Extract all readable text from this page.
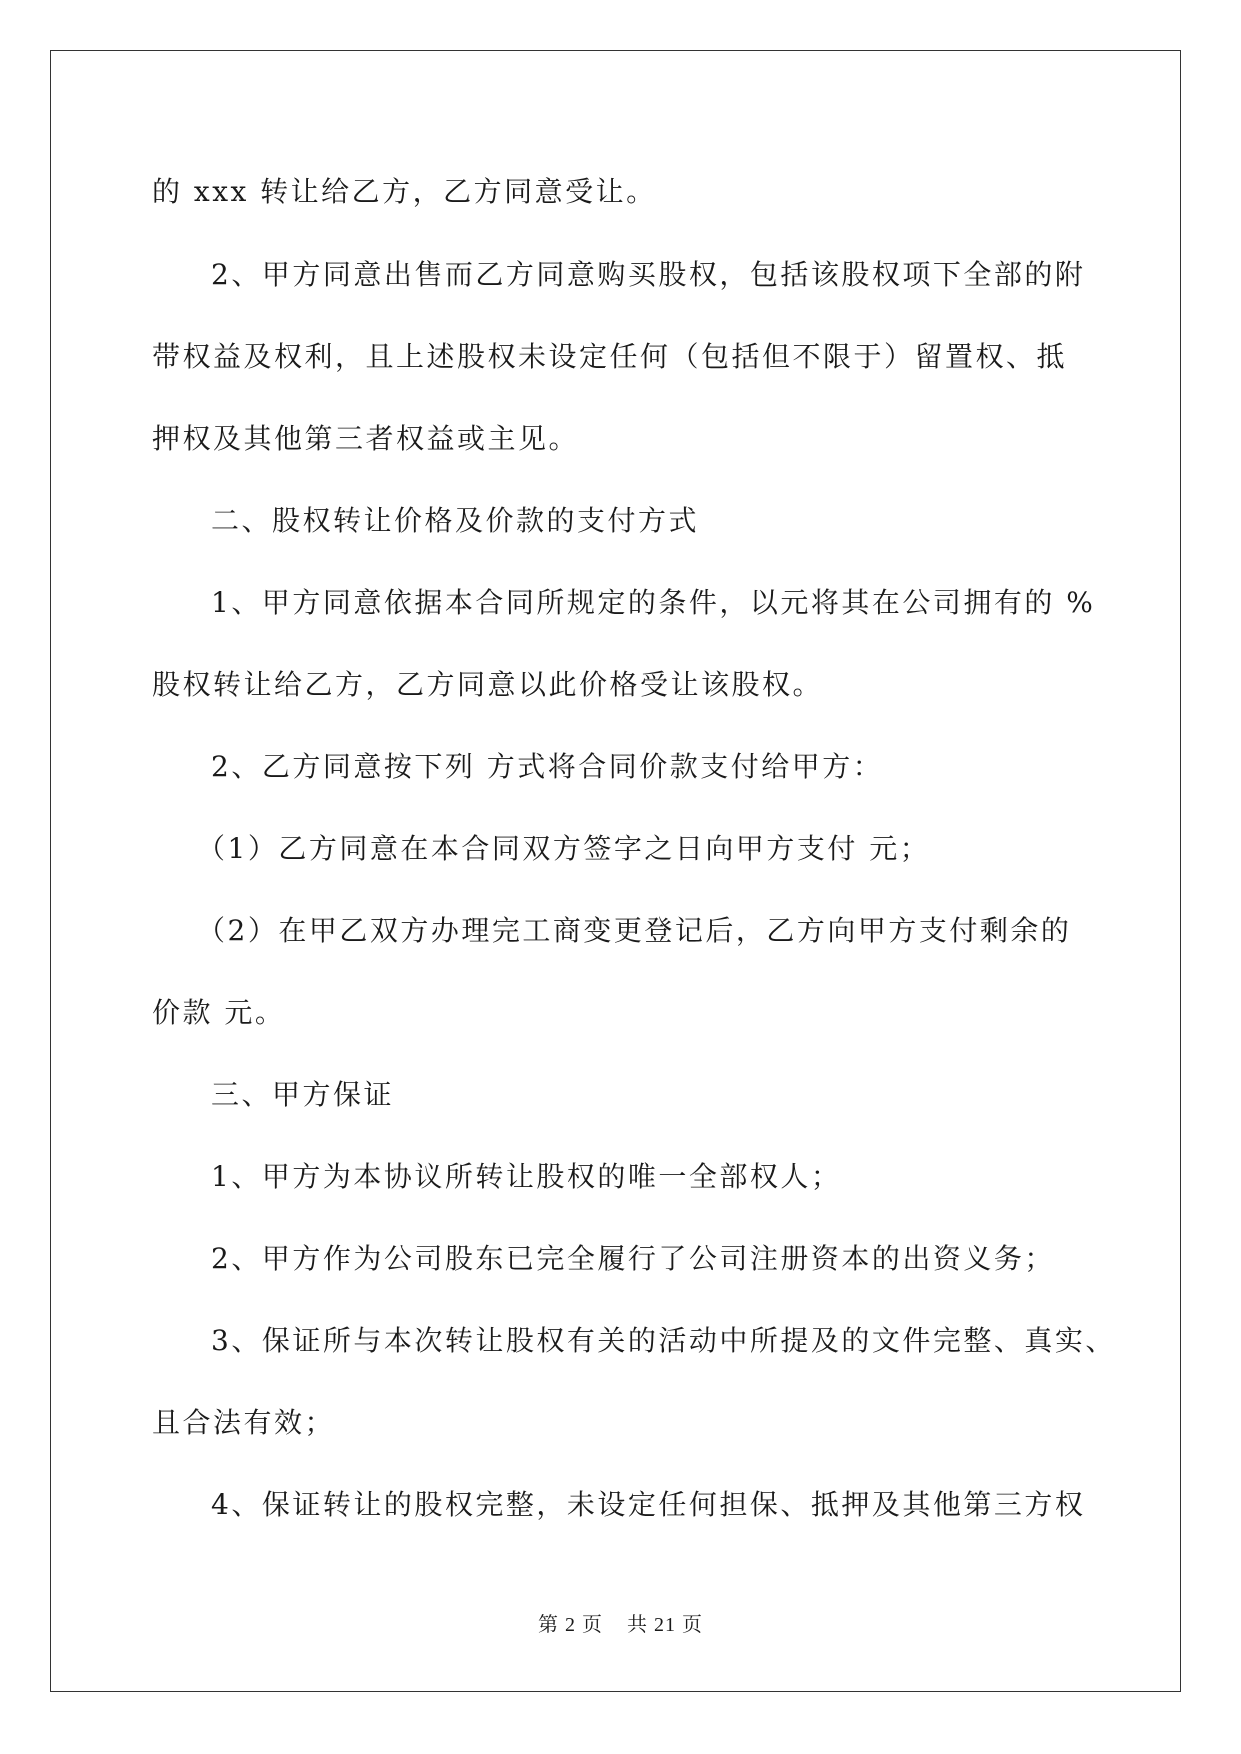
的 xxx 转让给乙方，乙方同意受让。
2、甲方同意出售而乙方同意购买股权，包括该股权项下全部的附
带权益及权利，且上述股权未设定任何（包括但不限于）留置权、抵
押权及其他第三者权益或主见。
二、股权转让价格及价款的支付方式
1、甲方同意依据本合同所规定的条件，以元将其在公司拥有的 %
股权转让给乙方，乙方同意以此价格受让该股权。
2、乙方同意按下列 方式将合同价款支付给甲方：
（1）乙方同意在本合同双方签字之日向甲方支付 元；
（2）在甲乙双方办理完工商变更登记后，乙方向甲方支付剩余的
价款 元。
三、甲方保证
1、甲方为本协议所转让股权的唯一全部权人；
2、甲方作为公司股东已完全履行了公司注册资本的出资义务；
3、保证所与本次转让股权有关的活动中所提及的文件完整、真实、
且合法有效；
4、保证转让的股权完整，未设定任何担保、抵押及其他第三方权
第 2 页    共 21 页
